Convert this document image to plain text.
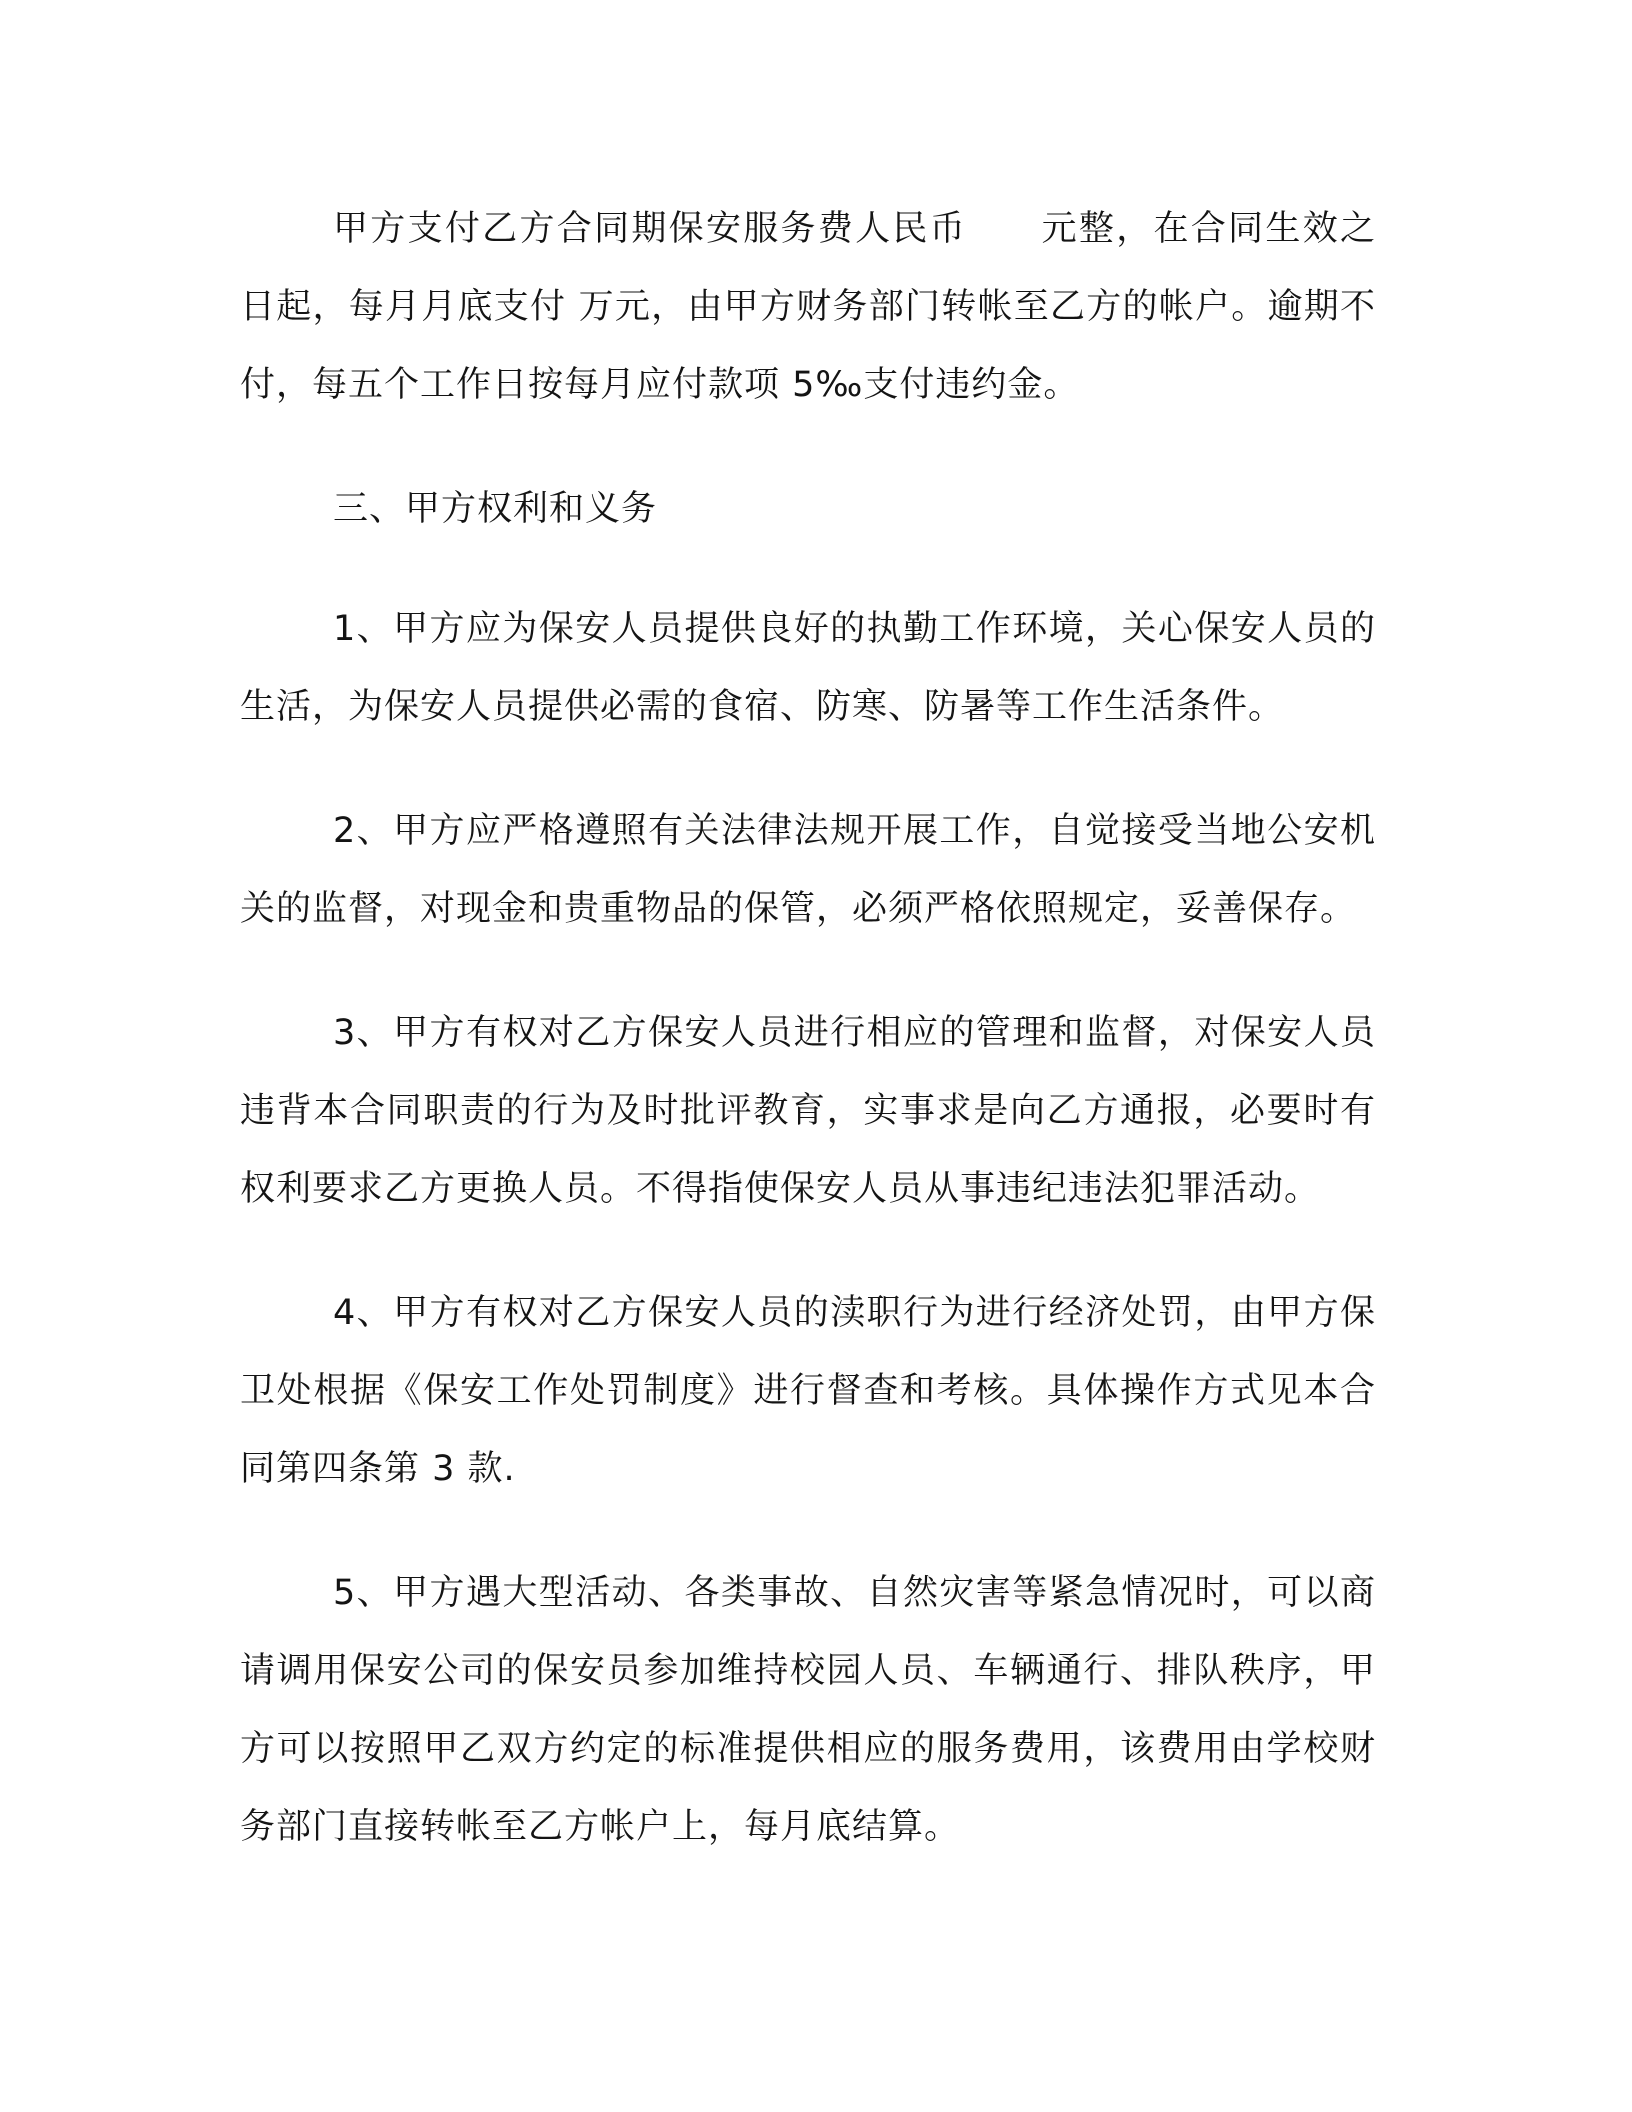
甲方支付乙方合同期保安服务费人民币　　元整，在合同生效之日起，每月月底支付 万元，由甲方财务部门转帐至乙方的帐户。逾期不付，每五个工作日按每月应付款项 5‰支付违约金。

三、甲方权利和义务

1、甲方应为保安人员提供良好的执勤工作环境，关心保安人员的生活，为保安人员提供必需的食宿、防寒、防暑等工作生活条件。

2、甲方应严格遵照有关法律法规开展工作，自觉接受当地公安机关的监督，对现金和贵重物品的保管，必须严格依照规定，妥善保存。

3、甲方有权对乙方保安人员进行相应的管理和监督，对保安人员违背本合同职责的行为及时批评教育，实事求是向乙方通报，必要时有权利要求乙方更换人员。不得指使保安人员从事违纪违法犯罪活动。

4、甲方有权对乙方保安人员的渎职行为进行经济处罚，由甲方保卫处根据《保安工作处罚制度》进行督查和考核。具体操作方式见本合同第四条第 3 款.

5、甲方遇大型活动、各类事故、自然灾害等紧急情况时，可以商请调用保安公司的保安员参加维持校园人员、车辆通行、排队秩序，甲方可以按照甲乙双方约定的标准提供相应的服务费用，该费用由学校财务部门直接转帐至乙方帐户上，每月底结算。
